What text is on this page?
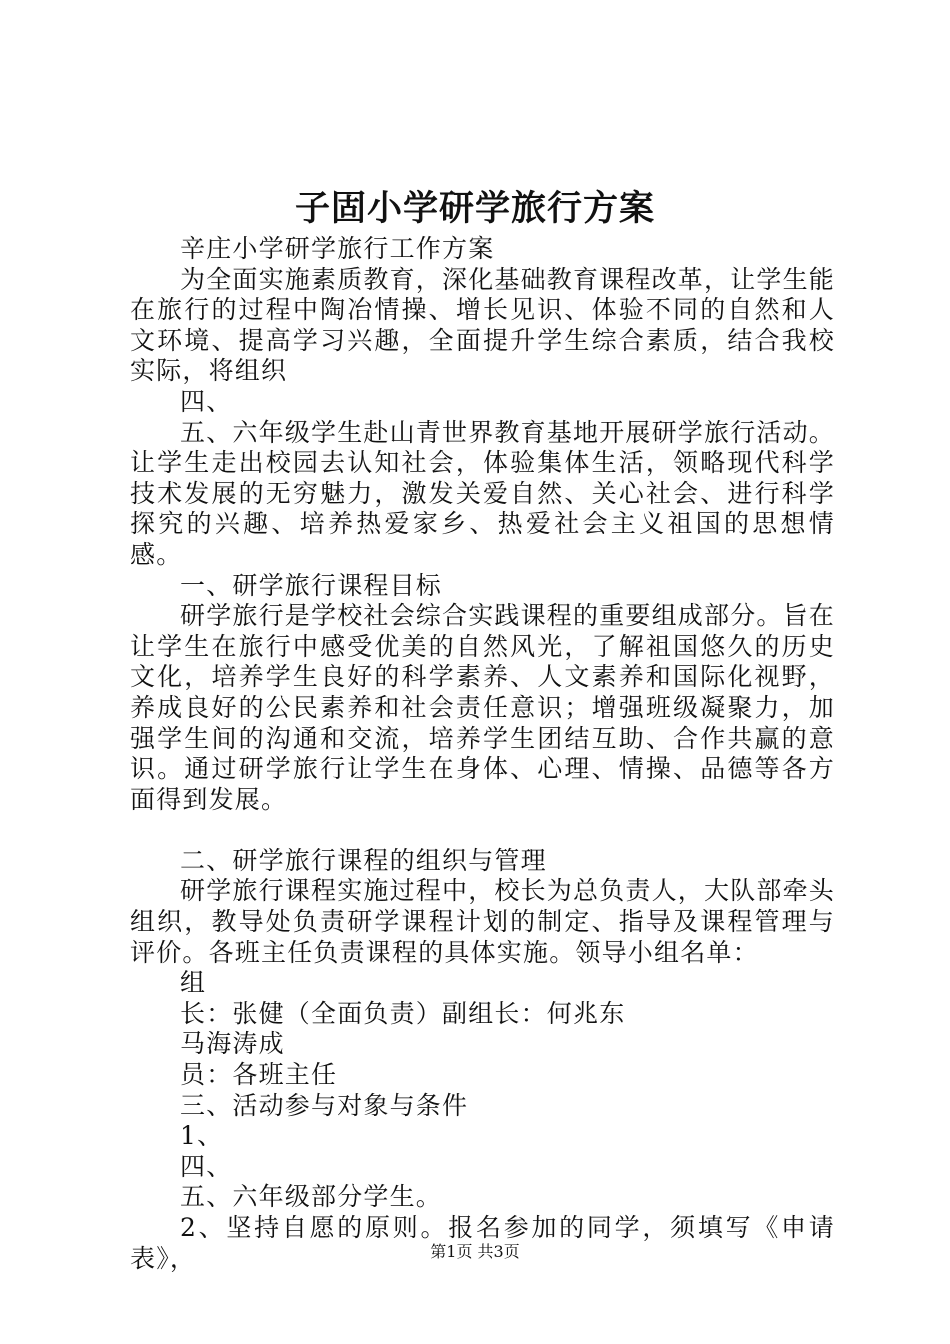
子固小学研学旅行方案

辛庄小学研学旅行工作方案

为全面实施素质教育，深化基础教育课程改革，让学生能在旅行的过程中陶冶情操、增长见识、体验不同的自然和人文环境、提高学习兴趣，全面提升学生综合素质，结合我校实际，将组织

四、

五、六年级学生赴山青世界教育基地开展研学旅行活动。让学生走出校园去认知社会，体验集体生活，领略现代科学技术发展的无穷魅力，激发关爱自然、关心社会、进行科学探究的兴趣、培养热爱家乡、热爱社会主义祖国的思想情感。

一、研学旅行课程目标

研学旅行是学校社会综合实践课程的重要组成部分。旨在让学生在旅行中感受优美的自然风光，了解祖国悠久的历史文化，培养学生良好的科学素养、人文素养和国际化视野，养成良好的公民素养和社会责任意识；增强班级凝聚力，加强学生间的沟通和交流，培养学生团结互助、合作共赢的意识。通过研学旅行让学生在身体、心理、情操、品德等各方面得到发展。

二、研学旅行课程的组织与管理

研学旅行课程实施过程中，校长为总负责人，大队部牵头组织，教导处负责研学课程计划的制定、指导及课程管理与评价。各班主任负责课程的具体实施。领导小组名单：

组

长：张健（全面负责）副组长：何兆东

马海涛成

员：各班主任

三、活动参与对象与条件

1、

四、

五、六年级部分学生。

2、坚持自愿的原则。报名参加的同学，须填写《申请表》，	第1页 共3页
